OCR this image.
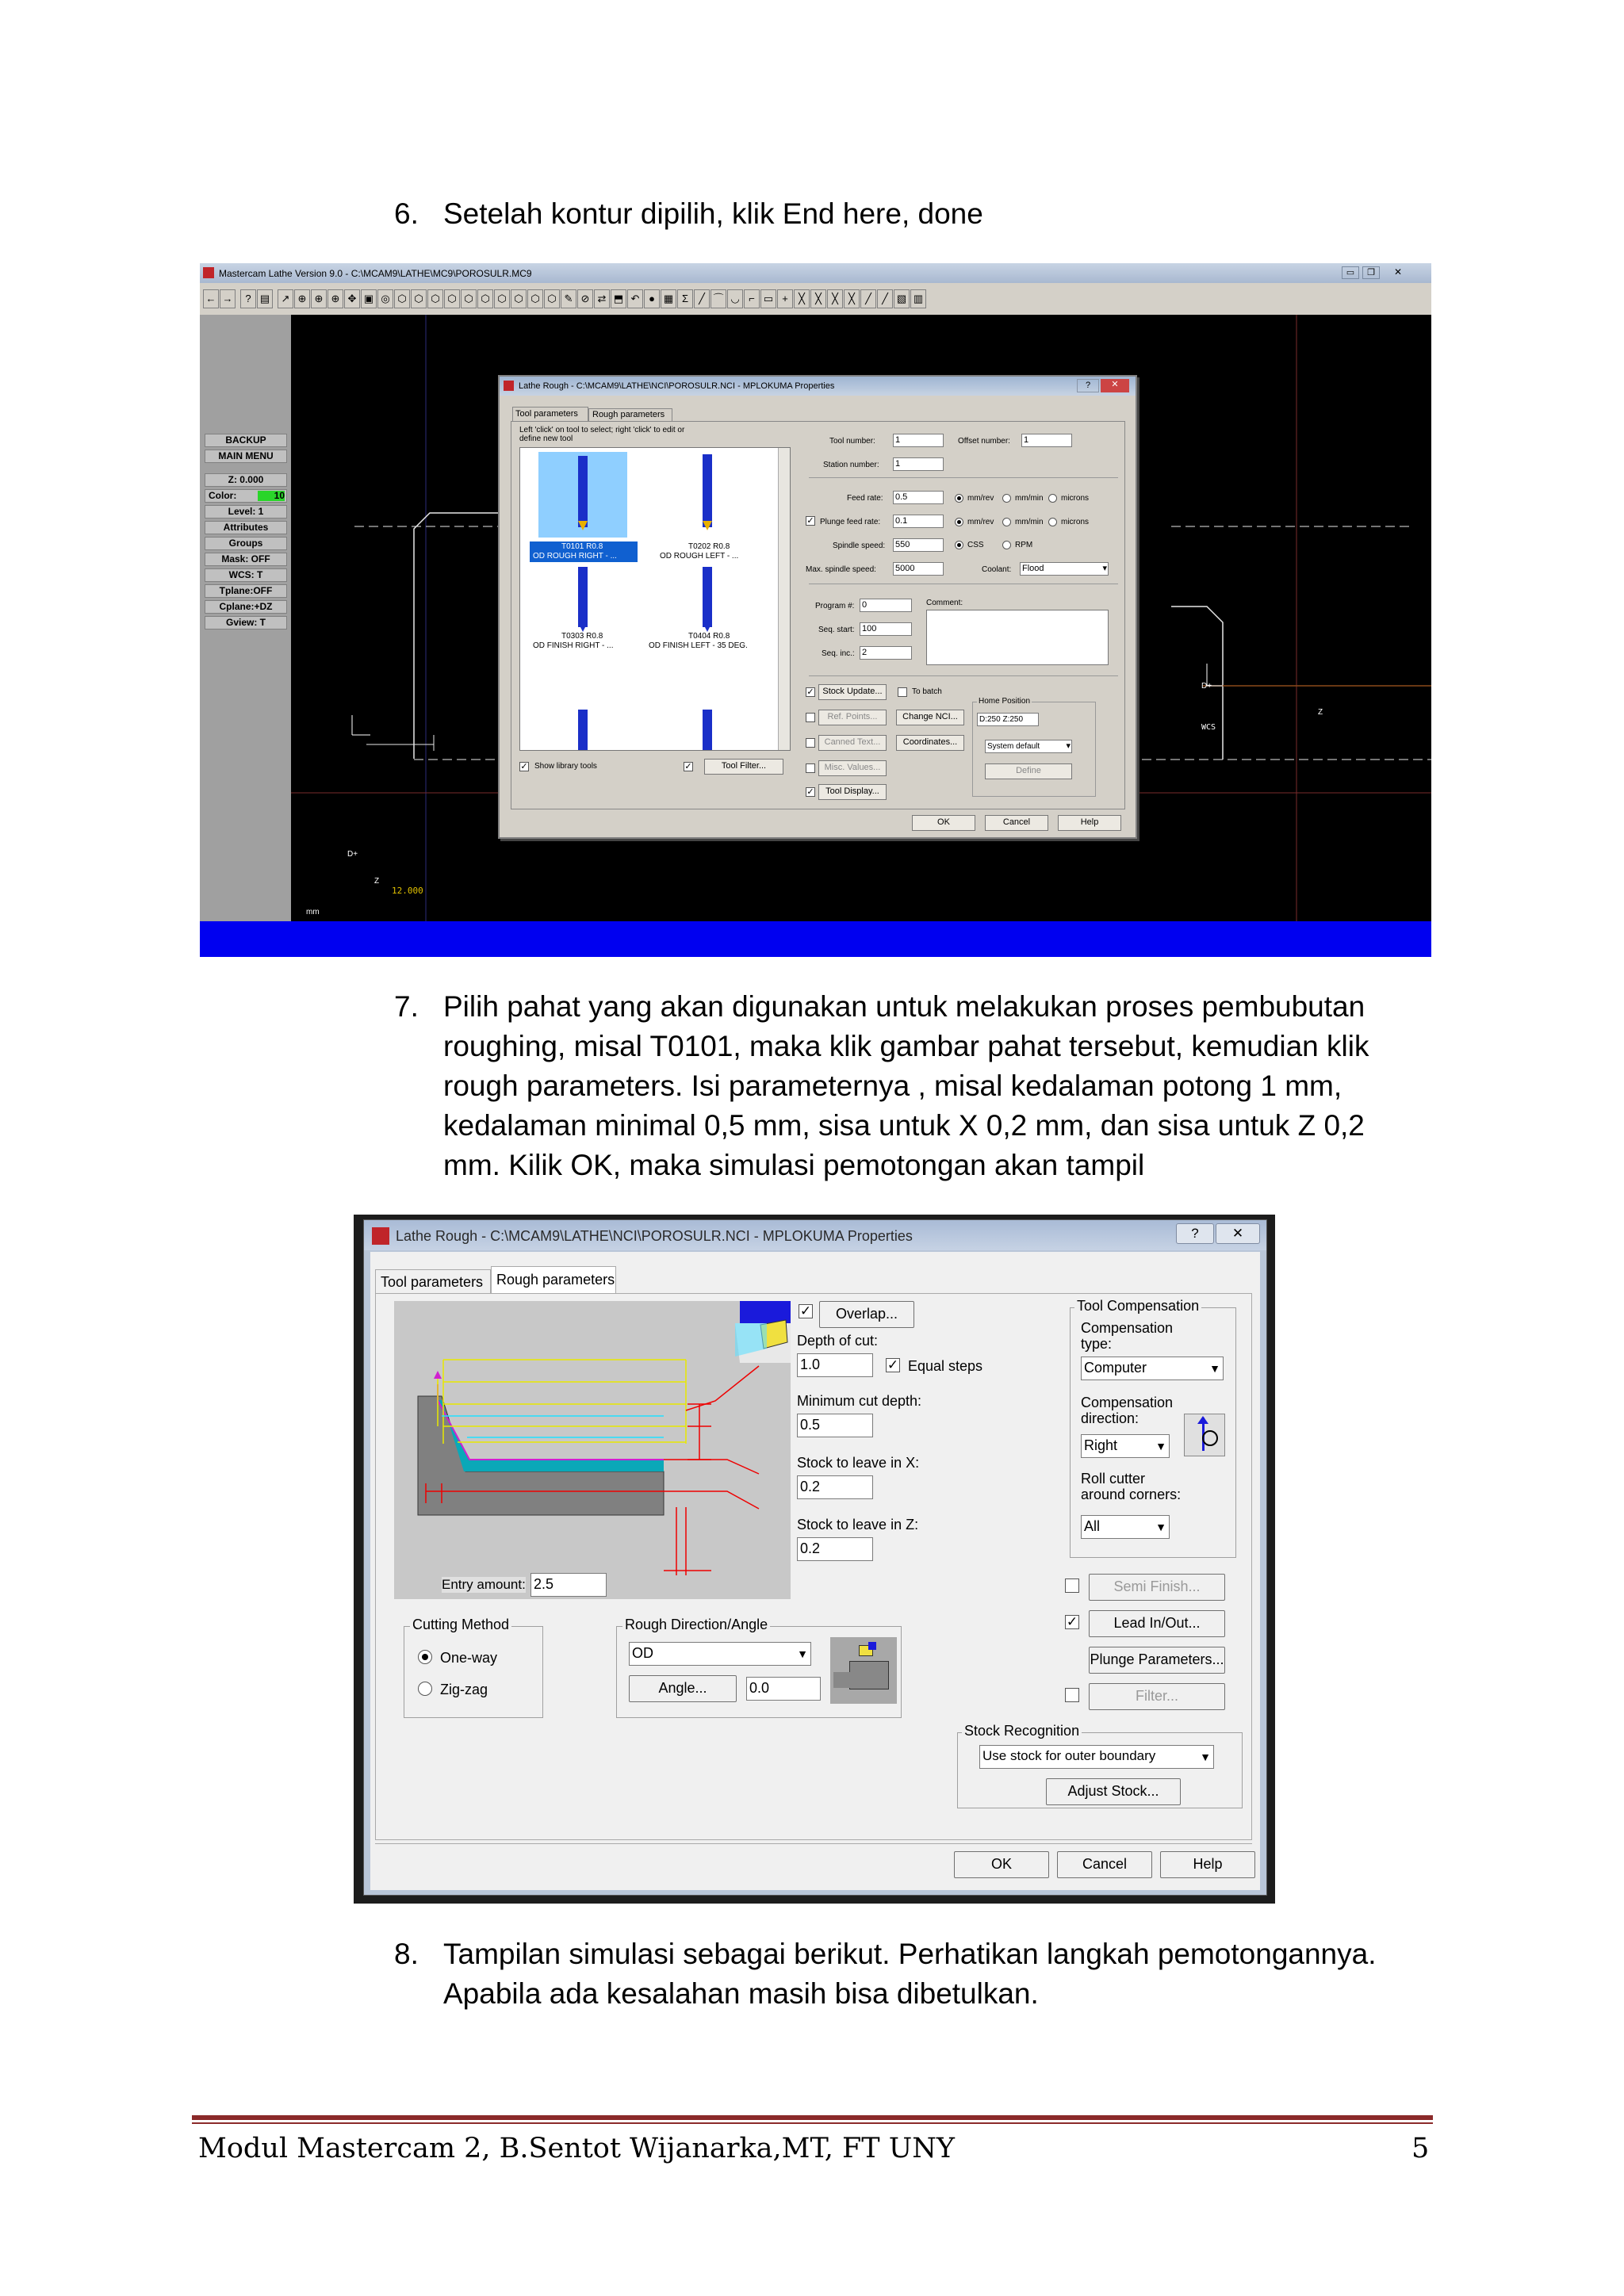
6. Setelah kontur dipilih, klik End here, done
Mastercam Lathe Version 9.0 - C:\MCAM9\LATHE\MC9\POROSULR.MC9	▭	❐	✕
← →	? ▤	↗ ⊕ ⊕ ⊕ ✥ ▣ ◎ ⬡ ⬡ ⬡ ⬡ ⬡ ⬡ ⬡ ⬡ ⬡ ⬡ ✎ ⊘ ⇄ ⬒ ↶ ● ▦ Σ	╱ ⌒ ◡ ⌐ ▭ +	╳	╳	╳	╳	╱	╱ ▧ ▥
BACKUP
MAIN MENU
Z: 0.000
Color:	10
Level: 1
Attributes
Groups
Mask: OFF
WCS: T
Tplane:OFF
Cplane:+DZ
Gview: T
WCS
Z
D+
D+
Z
12.000
mm
Lathe Rough - C:\MCAM9\LATHE\NCI\POROSULR.NCI - MPLOKUMA Properties	?	✕
Tool parameters Rough parameters
Left 'click' on tool to select; right 'click' to edit or
define new tool
T0101 R0.8
OD ROUGH RIGHT - ...
T0202 R0.8
OD ROUGH LEFT - ...
T0303 R0.8
OD FINISH RIGHT - ...
T0404 R0.8
OD FINISH LEFT - 35 DEG.
✓ Show library tools	✓	Tool Filter...
Tool number: 1	Offset number: 1
Station number: 1
Feed rate: 0.5
✓ Plunge feed rate: 0.1
Spindle speed: 550
Max. spindle speed: 5000
mm/rev	mm/min microns
mm/rev	mm/min microns
CSS	RPM
Coolant: Flood ▾
Program #: 0
Seq. start: 100
Seq. inc.: 2
Comment:
✓ Stock Update...	To batch
Ref. Points...	Change NCI...
Canned Text...	Coordinates...
Misc. Values...
✓	Tool Display...
Home Position
D:250 Z:250
System default ▾
Define
OK	Cancel	Help
7. Pilih pahat yang akan digunakan untuk melakukan proses pembubutan
roughing, misal T0101, maka klik gambar pahat tersebut, kemudian klik
rough parameters. Isi parameternya , misal kedalaman potong 1 mm,
kedalaman minimal 0,5 mm, sisa untuk X 0,2 mm, dan sisa untuk Z 0,2
mm. Kilik OK, maka simulasi pemotongan akan tampil
Lathe Rough - C:\MCAM9\LATHE\NCI\POROSULR.NCI - MPLOKUMA Properties	?	✕
Tool parameters Rough parameters
Entry amount: 2.5
✓	Overlap...
Depth of cut:
1.0	✓ Equal steps
Minimum cut depth:
0.5
Stock to leave in X:
0.2
Stock to leave in Z:
0.2
Tool Compensation
Compensation
type:
Computer ▼
Compensation
direction:
Right ▼
Roll cutter
around corners:
All ▼
Semi Finish...
✓	Lead In/Out...
Plunge Parameters...
Filter...
Cutting Method
One-way
Zig-zag
Rough Direction/Angle
OD ▼
Angle...	0.0
Stock Recognition
Use stock for outer boundary ▼
Adjust Stock...
OK	Cancel	Help
8. Tampilan simulasi sebagai berikut. Perhatikan langkah pemotongannya.
Apabila ada kesalahan masih bisa dibetulkan.
Modul Mastercam 2, B.Sentot Wijanarka,MT, FT UNY	5
